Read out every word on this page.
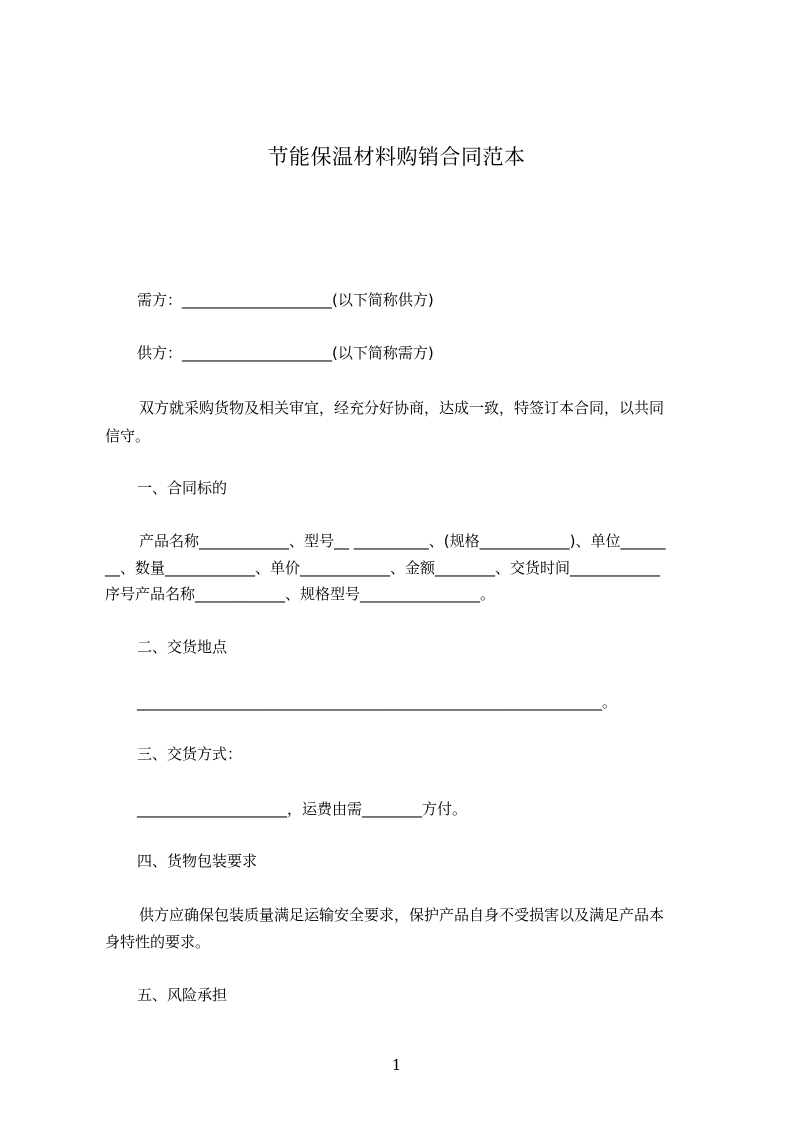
节能保温材料购销合同范本
需方：____________________(以下简称供方)
供方：____________________(以下简称需方)
双方就采购货物及相关审宜，经充分好协商，达成一致，特签订本合同，以共同
信守。
一、合同标的
产品名称____________、型号__ __________、(规格____________)、单位______
__、数量____________、单价____________、金额________、交货时间____________
序号产品名称____________、规格型号________________。
二、交货地点
______________________________________________________________。
三、交货方式：
____________________，运费由需________方付。
四、货物包装要求
供方应确保包装质量满足运输安全要求，保护产品自身不受损害以及满足产品本
身特性的要求。
五、风险承担
1
